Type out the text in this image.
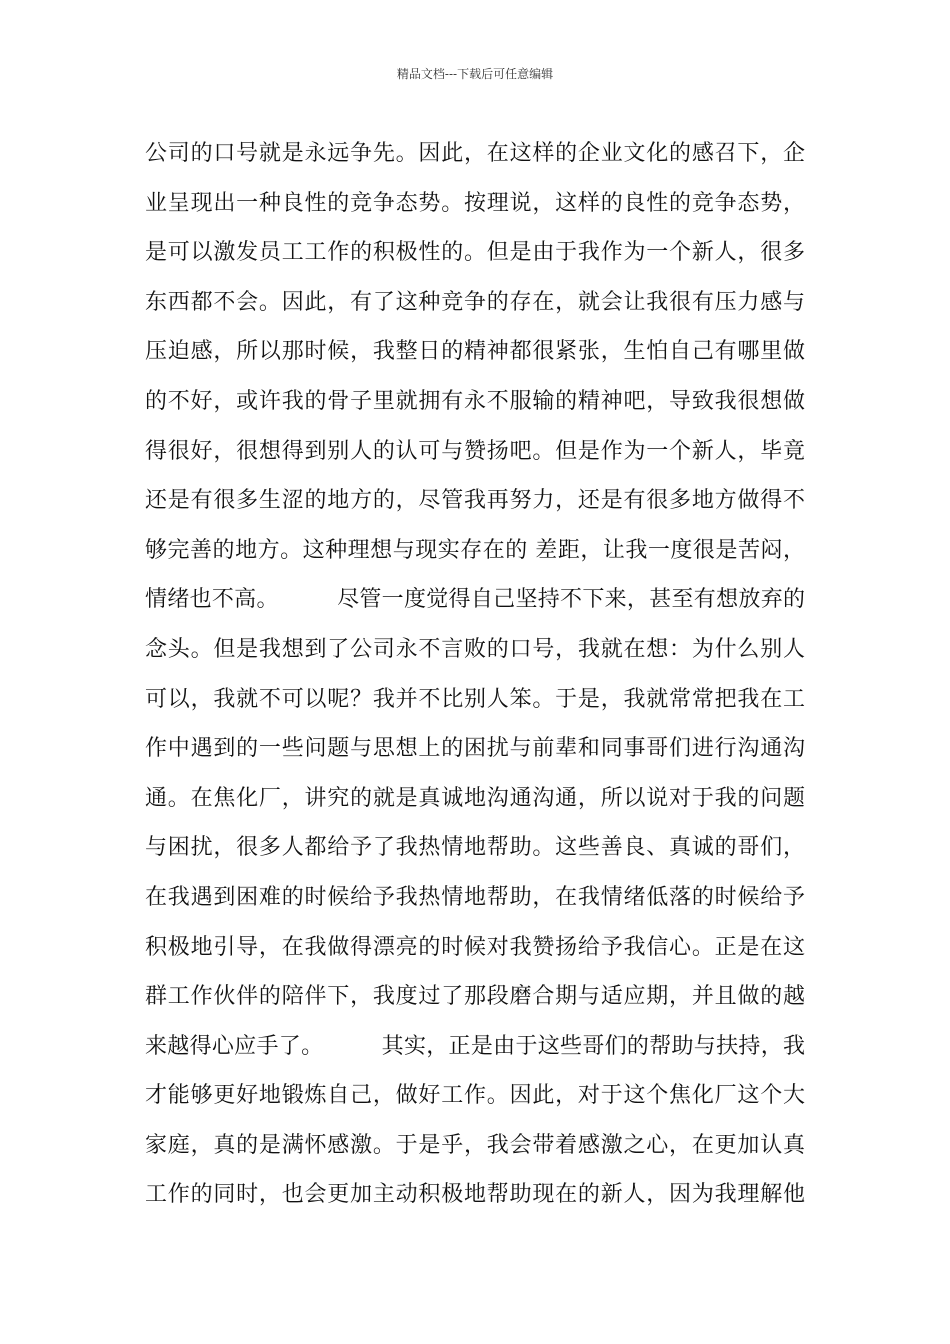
精品文档---下载后可任意编辑
公司的口号就是永远争先。因此，在这样的企业文化的感召下，企
业呈现出一种良性的竞争态势。按理说，这样的良性的竞争态势，
是可以激发员工工作的积极性的。但是由于我作为一个新人，很多
东西都不会。因此，有了这种竞争的存在，就会让我很有压力感与
压迫感，所以那时候，我整日的精神都很紧张，生怕自己有哪里做
的不好，或许我的骨子里就拥有永不服输的精神吧，导致我很想做
得很好，很想得到别人的认可与赞扬吧。但是作为一个新人，毕竟
还是有很多生涩的地方的，尽管我再努力，还是有很多地方做得不
够完善的地方。这种理想与现实存在的 差距，让我一度很是苦闷，
情绪也不高。        尽管一度觉得自己坚持不下来，甚至有想放弃的
念头。但是我想到了公司永不言败的口号，我就在想：为什么别人
可以，我就不可以呢？我并不比别人笨。于是，我就常常把我在工
作中遇到的一些问题与思想上的困扰与前辈和同事哥们进行沟通沟
通。在焦化厂，讲究的就是真诚地沟通沟通，所以说对于我的问题
与困扰，很多人都给予了我热情地帮助。这些善良、真诚的哥们，
在我遇到困难的时候给予我热情地帮助，在我情绪低落的时候给予
积极地引导，在我做得漂亮的时候对我赞扬给予我信心。正是在这
群工作伙伴的陪伴下，我度过了那段磨合期与适应期，并且做的越
来越得心应手了。        其实，正是由于这些哥们的帮助与扶持，我
才能够更好地锻炼自己，做好工作。因此，对于这个焦化厂这个大
家庭，真的是满怀感激。于是乎，我会带着感激之心，在更加认真
工作的同时，也会更加主动积极地帮助现在的新人，因为我理解他
